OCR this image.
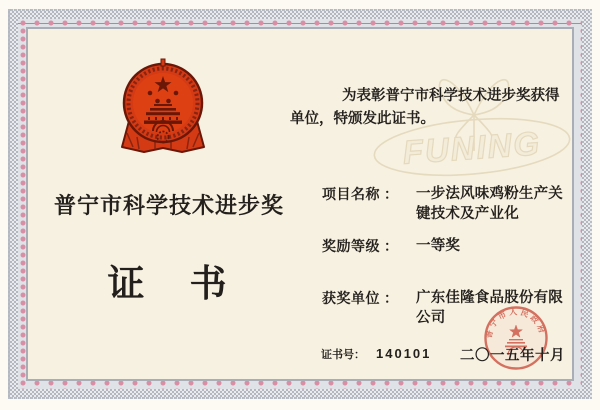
FUNING
普宁市科学技术进步奖
证　书

为表彰普宁市科学技术进步奖获得单位，特颁发此证书。

项目名称 ： 一步法风味鸡粉生产关键技术及产业化
奖励等级 ： 一等奖
获奖单位 ： 广东佳隆食品股份有限公司
证书号： 140101
普宁市人民政府
二〇一五年十月
